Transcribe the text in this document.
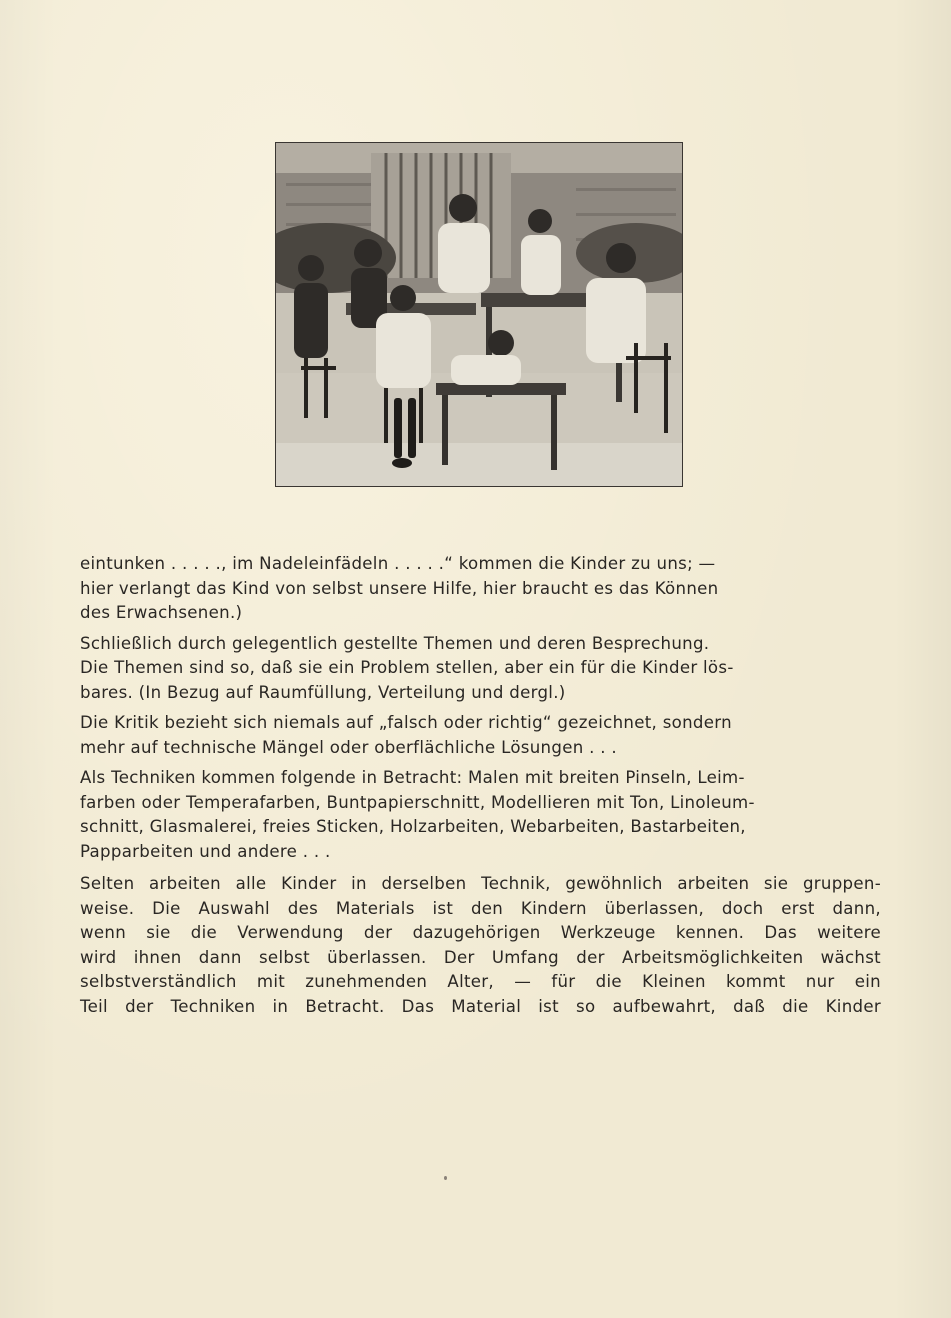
eintunken . . . . ., im Nadeleinfädeln . . . . .“ kommen die Kinder zu uns; —
hier verlangt das Kind von selbst unsere Hilfe, hier braucht es das Können
des Erwachsenen.)

Schließlich durch gelegentlich gestellte Themen und deren Besprechung.

Die Themen sind so, daß sie ein Problem stellen, aber ein für die Kinder lös-
bares. (In Bezug auf Raumfüllung, Verteilung und dergl.)

Die Kritik bezieht sich niemals auf „falsch oder richtig“ gezeichnet, sondern
mehr auf technische Mängel oder oberflächliche Lösungen . . .

Als Techniken kommen folgende in Betracht: Malen mit breiten Pinseln, Leim-
farben oder Temperafarben, Buntpapierschnitt, Modellieren mit Ton, Linoleum-
schnitt, Glasmalerei, freies Sticken, Holzarbeiten, Webarbeiten, Bastarbeiten,
Papparbeiten und andere . . .

Selten arbeiten alle Kinder in derselben Technik, gewöhnlich arbeiten sie gruppen-
weise. Die Auswahl des Materials ist den Kindern überlassen, doch erst dann,
wenn sie die Verwendung der dazugehörigen Werkzeuge kennen. Das weitere
wird ihnen dann selbst überlassen. Der Umfang der Arbeitsmöglichkeiten wächst
selbstverständlich mit zunehmenden Alter, — für die Kleinen kommt nur ein
Teil der Techniken in Betracht. Das Material ist so aufbewahrt, daß die Kinder
